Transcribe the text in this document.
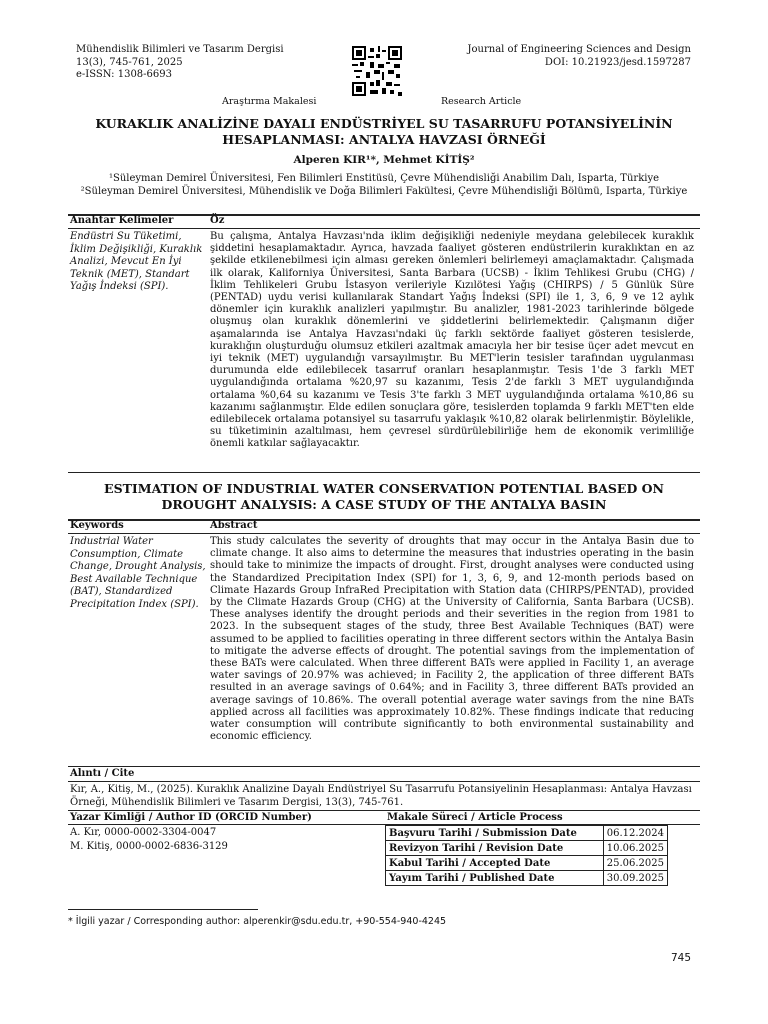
Mühendislik Bilimleri ve Tasarım Dergisi
13(3), 745-761, 2025
e-ISSN: 1308-6693
Journal of Engineering Sciences and Design
DOI: 10.21923/jesd.1597287
Araştırma Makalesi	Research Article
KURAKLIK ANALİZİNE DAYALI ENDÜSTRİYEL SU TASARRUFU POTANSİYELİNİN HESAPLANMASI: ANTALYA HAVZASI ÖRNEĞİ
Alperen KIR¹*, Mehmet KİTİŞ²
¹Süleyman Demirel Üniversitesi, Fen Bilimleri Enstitüsü, Çevre Mühendisliği Anabilim Dalı, Isparta, Türkiye
²Süleyman Demirel Üniversitesi, Mühendislik ve Doğa Bilimleri Fakültesi, Çevre Mühendisliği Bölümü, Isparta, Türkiye
Anahtar Kelimeler	Öz
Endüstri Su Tüketimi, İklim Değişikliği, Kuraklık Analizi, Mevcut En İyi Teknik (MET), Standart Yağış İndeksi (SPI).
Bu çalışma, Antalya Havzası'nda iklim değişikliği nedeniyle meydana gelebilecek kuraklık şiddetini hesaplamaktadır. Ayrıca, havzada faaliyet gösteren endüstrilerin kuraklıktan en az şekilde etkilenebilmesi için alması gereken önlemleri belirlemeyi amaçlamaktadır. Çalışmada ilk olarak, Kaliforniya Üniversitesi, Santa Barbara (UCSB) - İklim Tehlikesi Grubu (CHG) / İklim Tehlikeleri Grubu İstasyon verileriyle Kızılötesi Yağış (CHIRPS) / 5 Günlük Süre (PENTAD) uydu verisi kullanılarak Standart Yağış İndeksi (SPI) ile 1, 3, 6, 9 ve 12 aylık dönemler için kuraklık analizleri yapılmıştır. Bu analizler, 1981-2023 tarihlerinde bölgede oluşmuş olan kuraklık dönemlerini ve şiddetlerini belirlemektedir. Çalışmanın diğer aşamalarında ise Antalya Havzası'ndaki üç farklı sektörde faaliyet gösteren tesislerde, kuraklığın oluşturduğu olumsuz etkileri azaltmak amacıyla her bir tesise üçer adet mevcut en iyi teknik (MET) uygulandığı varsayılmıştır. Bu MET'lerin tesisler tarafından uygulanması durumunda elde edilebilecek tasarruf oranları hesaplanmıştır. Tesis 1'de 3 farklı MET uygulandığında ortalama %20,97 su kazanımı, Tesis 2'de farklı 3 MET uygulandığında ortalama %0,64 su kazanımı ve Tesis 3'te farklı 3 MET uygulandığında ortalama %10,86 su kazanımı sağlanmıştır. Elde edilen sonuçlara göre, tesislerden toplamda 9 farklı MET'ten elde edilebilecek ortalama potansiyel su tasarrufu yaklaşık %10,82 olarak belirlenmiştir. Böylelikle, su tüketiminin azaltılması, hem çevresel sürdürülebilirliğe hem de ekonomik verimliliğe önemli katkılar sağlayacaktır.
ESTIMATION OF INDUSTRIAL WATER CONSERVATION POTENTIAL BASED ON DROUGHT ANALYSIS: A CASE STUDY OF THE ANTALYA BASIN
Keywords	Abstract
Industrial Water Consumption, Climate Change, Drought Analysis, Best Available Technique (BAT), Standardized Precipitation Index (SPI).
This study calculates the severity of droughts that may occur in the Antalya Basin due to climate change. It also aims to determine the measures that industries operating in the basin should take to minimize the impacts of drought. First, drought analyses were conducted using the Standardized Precipitation Index (SPI) for 1, 3, 6, 9, and 12-month periods based on Climate Hazards Group InfraRed Precipitation with Station data (CHIRPS/PENTAD), provided by the Climate Hazards Group (CHG) at the University of California, Santa Barbara (UCSB). These analyses identify the drought periods and their severities in the region from 1981 to 2023. In the subsequent stages of the study, three Best Available Techniques (BAT) were assumed to be applied to facilities operating in three different sectors within the Antalya Basin to mitigate the adverse effects of drought. The potential savings from the implementation of these BATs were calculated. When three different BATs were applied in Facility 1, an average water savings of 20.97% was achieved; in Facility 2, the application of three different BATs resulted in an average savings of 0.64%; and in Facility 3, three different BATs provided an average savings of 10.86%. The overall potential average water savings from the nine BATs applied across all facilities was approximately 10.82%. These findings indicate that reducing water consumption will contribute significantly to both environmental sustainability and economic efficiency.
Alıntı / Cite
Kır, A., Kitiş, M., (2025). Kuraklık Analizine Dayalı Endüstriyel Su Tasarrufu Potansiyelinin Hesaplanması: Antalya Havzası Örneği, Mühendislik Bilimleri ve Tasarım Dergisi, 13(3), 745-761.
Yazar Kimliği / Author ID (ORCID Number)	Makale Süreci / Article Process
A. Kır, 0000-0002-3304-0047
M. Kitiş, 0000-0002-6836-3129
Başvuru Tarihi / Submission Date	06.12.2024
Revizyon Tarihi / Revision Date	10.06.2025
Kabul Tarihi / Accepted Date	25.06.2025
Yayım Tarihi / Published Date	30.09.2025
* İlgili yazar / Corresponding author: alperenkir@sdu.edu.tr, +90-554-940-4245
745
